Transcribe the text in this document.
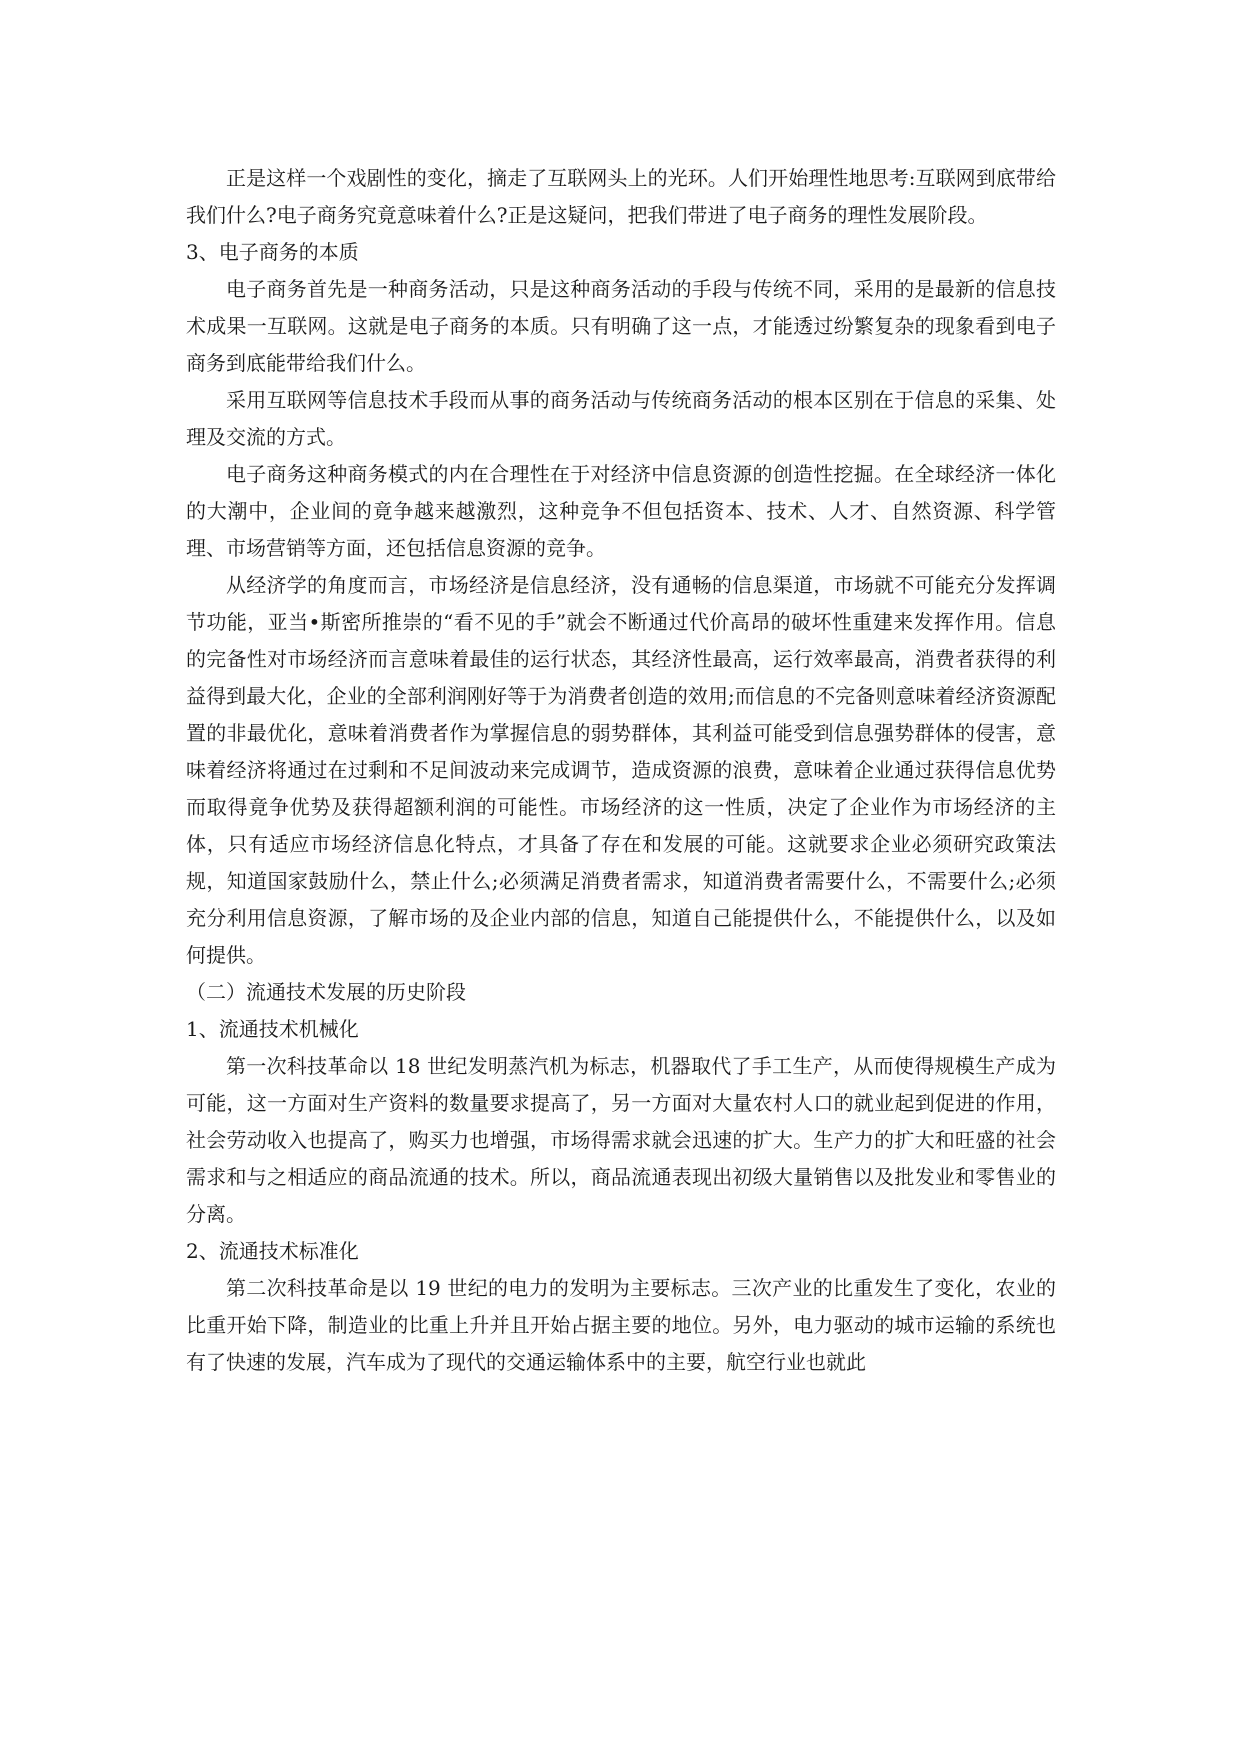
正是这样一个戏剧性的变化，摘走了互联网头上的光环。人们开始理性地思考:互联网到底带给我们什么?电子商务究竟意味着什么?正是这疑问，把我们带进了电子商务的理性发展阶段。

3、电子商务的本质

电子商务首先是一种商务活动，只是这种商务活动的手段与传统不同，采用的是最新的信息技术成果一互联网。这就是电子商务的本质。只有明确了这一点，才能透过纷繁复杂的现象看到电子商务到底能带给我们什么。

采用互联网等信息技术手段而从事的商务活动与传统商务活动的根本区别在于信息的采集、处理及交流的方式。

电子商务这种商务模式的内在合理性在于对经济中信息资源的创造性挖掘。在全球经济一体化的大潮中，企业间的竟争越来越激烈，这种竞争不但包括资本、技术、人才、自然资源、科学管理、市场营销等方面，还包括信息资源的竞争。

从经济学的角度而言，市场经济是信息经济，没有通畅的信息渠道，市场就不可能充分发挥调节功能，亚当•斯密所推崇的“看不见的手”就会不断通过代价高昂的破坏性重建来发挥作用。信息的完备性对市场经济而言意味着最佳的运行状态，其经济性最高，运行效率最高，消费者获得的利益得到最大化，企业的全部利润刚好等于为消费者创造的效用;而信息的不完备则意味着经济资源配置的非最优化，意味着消费者作为掌握信息的弱势群体，其利益可能受到信息强势群体的侵害，意味着经济将通过在过剩和不足间波动来完成调节，造成资源的浪费，意味着企业通过获得信息优势而取得竟争优势及获得超额利润的可能性。市场经济的这一性质，决定了企业作为市场经济的主体，只有适应市场经济信息化特点，才具备了存在和发展的可能。这就要求企业必须研究政策法规，知道国家鼓励什么，禁止什么;必须满足消费者需求，知道消费者需要什么，不需要什么;必须充分利用信息资源，了解市场的及企业内部的信息，知道自己能提供什么，不能提供什么，以及如何提供。

（二）流通技术发展的历史阶段

1、流通技术机械化

第一次科技革命以 18 世纪发明蒸汽机为标志，机器取代了手工生产，从而使得规模生产成为可能，这一方面对生产资料的数量要求提高了，另一方面对大量农村人口的就业起到促进的作用，社会劳动收入也提高了，购买力也增强，市场得需求就会迅速的扩大。生产力的扩大和旺盛的社会需求和与之相适应的商品流通的技术。所以，商品流通表现出初级大量销售以及批发业和零售业的分离。

2、流通技术标准化

第二次科技革命是以 19 世纪的电力的发明为主要标志。三次产业的比重发生了变化，农业的比重开始下降，制造业的比重上升并且开始占据主要的地位。另外，电力驱动的城市运输的系统也有了快速的发展，汽车成为了现代的交通运输体系中的主要，航空行业也就此
